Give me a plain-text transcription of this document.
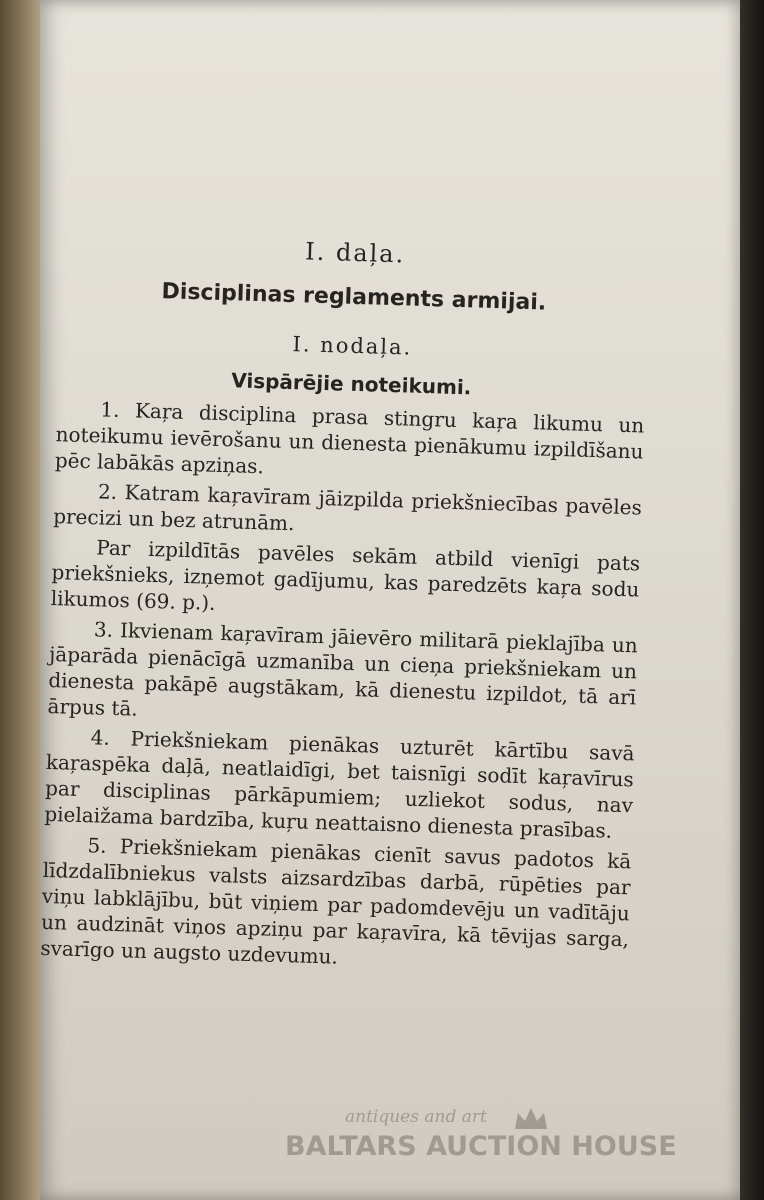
I. daļa.
Disciplinas reglaments armijai.
I. nodaļa.
Vispārējie noteikumi.

1. Kaŗa disciplina prasa stingru kaŗa likumu un noteikumu ievērošanu un dienesta pienākumu izpildīšanu pēc labākās apziņas.

2. Katram kaŗavīram jāizpilda priekšniecības pavēles precizi un bez atrunām.

Par izpildītās pavēles sekām atbild vienīgi pats priekšnieks, izņemot gadījumu, kas paredzēts kaŗa sodu likumos (69. p.).

3. Ikvienam kaŗavīram jāievēro militarā pieklajība un jāparāda pienācīgā uzmanība un cieņa priekšniekam un dienesta pakāpē augstākam, kā dienestu izpildot, tā arī ārpus tā.

4. Priekšniekam pienākas uzturēt kārtību savā kaŗaspēka daļā, neatlaidīgi, bet taisnīgi sodīt kaŗavīrus par disciplinas pārkāpumiem; uzliekot sodus, nav pielaižama bardzība, kuŗu neattaisno dienesta prasības.

5. Priekšniekam pienākas cienīt savus padotos kā līdzdalībniekus valsts aizsardzības darbā, rūpēties par viņu labklājību, būt viņiem par padomdevēju un vadītāju un audzināt viņos apziņu par kaŗavīra, kā tēvijas sarga, svarīgo un augsto uzdevumu.

antiques and art
BALTARS AUCTION HOUSE
